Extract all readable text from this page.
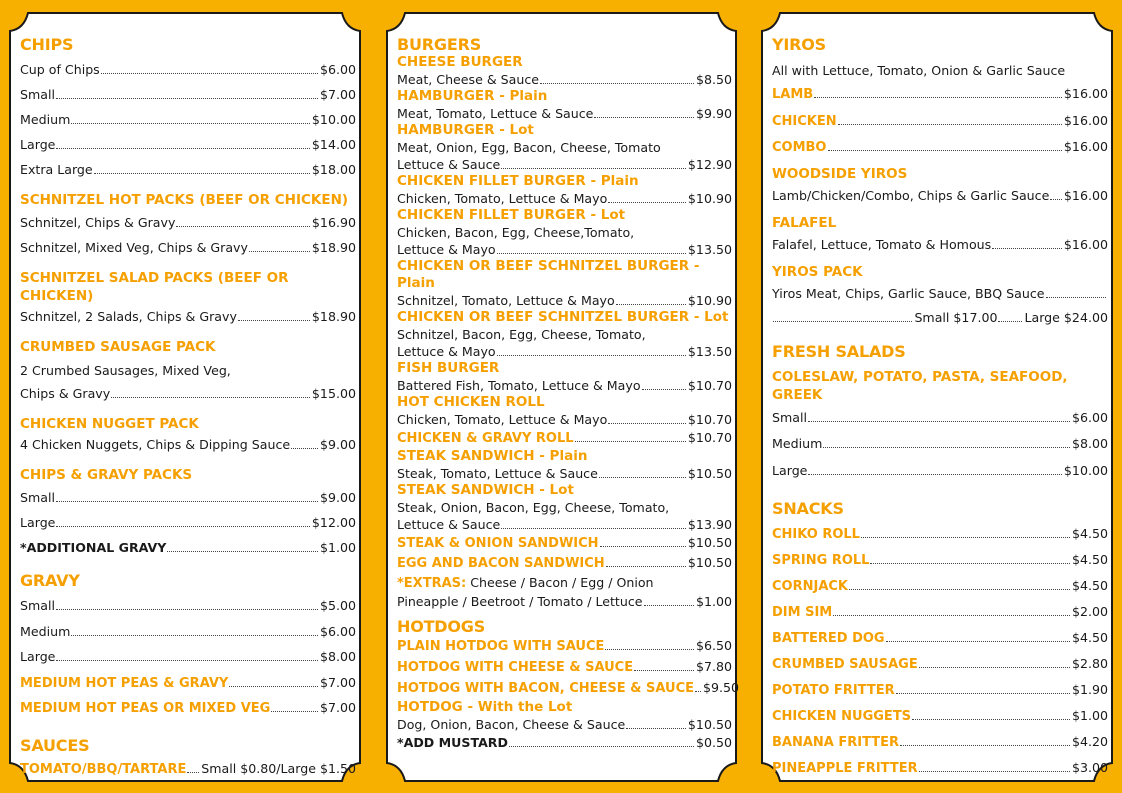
CHIPS
Cup of Chips	$6.00
Small	$7.00
Medium	$10.00
Large	$14.00
Extra Large	$18.00
SCHNITZEL HOT PACKS (BEEF OR CHICKEN)
Schnitzel, Chips & Gravy	$16.90
Schnitzel, Mixed Veg, Chips & Gravy	$18.90
SCHNITZEL SALAD PACKS (BEEF OR CHICKEN)
Schnitzel, 2 Salads, Chips & Gravy	$18.90
CRUMBED SAUSAGE PACK
2 Crumbed Sausages, Mixed Veg,
Chips & Gravy	$15.00
CHICKEN NUGGET PACK
4 Chicken Nuggets, Chips & Dipping Sauce $9.00
CHIPS & GRAVY PACKS
Small	$9.00
Large	$12.00
*ADDITIONAL GRAVY	$1.00
GRAVY
Small	$5.00
Medium	$6.00
Large	$8.00
MEDIUM HOT PEAS & GRAVY	$7.00
MEDIUM HOT PEAS OR MIXED VEG	$7.00
SAUCES
TOMATO/BBQ/TARTARE Small $0.80/Large $1.50
BURGERS
CHEESE BURGER
Meat, Cheese & Sauce	$8.50
HAMBURGER - Plain
Meat, Tomato, Lettuce & Sauce	$9.90
HAMBURGER - Lot
Meat, Onion, Egg, Bacon, Cheese, Tomato
Lettuce & Sauce	$12.90
CHICKEN FILLET BURGER - Plain
Chicken, Tomato, Lettuce & Mayo	$10.90
CHICKEN FILLET BURGER - Lot
Chicken, Bacon, Egg, Cheese,Tomato,
Lettuce & Mayo	$13.50
CHICKEN OR BEEF SCHNITZEL BURGER - Plain
Schnitzel, Tomato, Lettuce & Mayo	$10.90
CHICKEN OR BEEF SCHNITZEL BURGER - Lot
Schnitzel, Bacon, Egg, Cheese, Tomato,
Lettuce & Mayo	$13.50
FISH BURGER
Battered Fish, Tomato, Lettuce & Mayo	$10.70
HOT CHICKEN ROLL
Chicken, Tomato, Lettuce & Mayo	$10.70
CHICKEN & GRAVY ROLL	$10.70
STEAK SANDWICH - Plain
Steak, Tomato, Lettuce & Sauce	$10.50
STEAK SANDWICH - Lot
Steak, Onion, Bacon, Egg, Cheese, Tomato,
Lettuce & Sauce	$13.90
STEAK & ONION SANDWICH	$10.50
EGG AND BACON SANDWICH	$10.50
*EXTRAS: Cheese / Bacon / Egg / Onion
Pineapple / Beetroot / Tomato / Lettuce	$1.00
HOTDOGS
PLAIN HOTDOG WITH SAUCE	$6.50
HOTDOG WITH CHEESE & SAUCE	$7.80
HOTDOG WITH BACON, CHEESE & SAUCE $9.50
HOTDOG - With the Lot
Dog, Onion, Bacon, Cheese & Sauce	$10.50
*ADD MUSTARD	$0.50
YIROS
All with Lettuce, Tomato, Onion & Garlic Sauce
LAMB	$16.00
CHICKEN	$16.00
COMBO	$16.00
WOODSIDE YIROS
Lamb/Chicken/Combo, Chips & Garlic Sauce $16.00
FALAFEL
Falafel, Lettuce, Tomato & Homous	$16.00
YIROS PACK
Yiros Meat, Chips, Garlic Sauce, BBQ Sauce
Small $17.00 Large $24.00
FRESH SALADS
COLESLAW, POTATO, PASTA, SEAFOOD, GREEK
Small	$6.00
Medium	$8.00
Large	$10.00
SNACKS
CHIKO ROLL	$4.50
SPRING ROLL	$4.50
CORNJACK	$4.50
DIM SIM	$2.00
BATTERED DOG	$4.50
CRUMBED SAUSAGE	$2.80
POTATO FRITTER	$1.90
CHICKEN NUGGETS	$1.00
BANANA FRITTER	$4.20
PINEAPPLE FRITTER	$3.00
